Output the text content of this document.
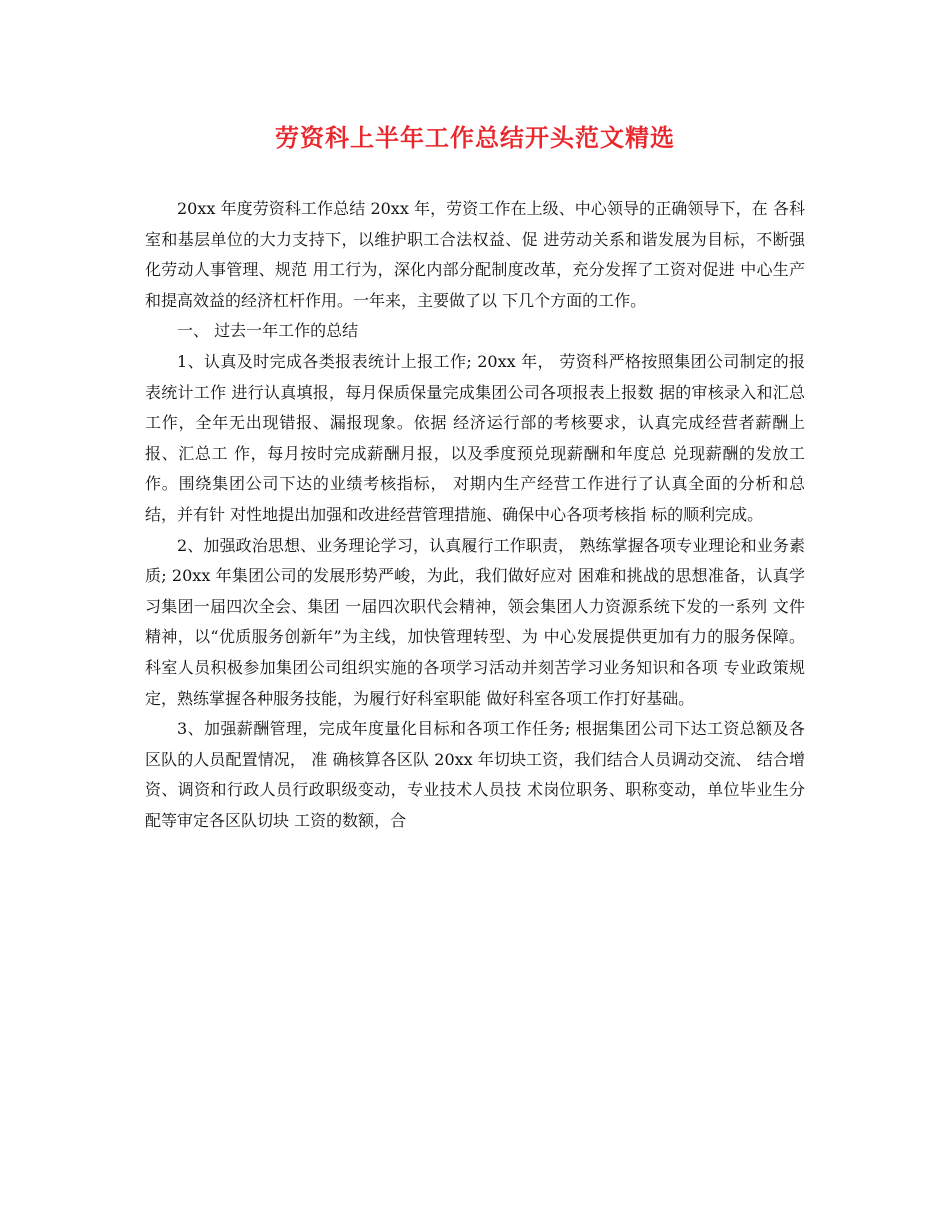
劳资科上半年工作总结开头范文精选

20xx 年度劳资科工作总结 20xx 年，劳资工作在上级、中心领导的正确领导下，在 各科室和基层单位的大力支持下，以维护职工合法权益、促 进劳动关系和谐发展为目标，不断强化劳动人事管理、规范 用工行为，深化内部分配制度改革，充分发挥了工资对促进 中心生产和提高效益的经济杠杆作用。一年来，主要做了以 下几个方面的工作。

一、 过去一年工作的总结

1、认真及时完成各类报表统计上报工作; 20xx 年， 劳资科严格按照集团公司制定的报表统计工作 进行认真填报，每月保质保量完成集团公司各项报表上报数 据的审核录入和汇总工作，全年无出现错报、漏报现象。依据 经济运行部的考核要求，认真完成经营者薪酬上报、汇总工 作，每月按时完成薪酬月报，以及季度预兑现薪酬和年度总 兑现薪酬的发放工作。围绕集团公司下达的业绩考核指标， 对期内生产经营工作进行了认真全面的分析和总结，并有针 对性地提出加强和改进经营管理措施、确保中心各项考核指 标的顺利完成。

2、加强政治思想、业务理论学习，认真履行工作职责， 熟练掌握各项专业理论和业务素质; 20xx 年集团公司的发展形势严峻，为此，我们做好应对 困难和挑战的思想准备，认真学习集团一届四次全会、集团 一届四次职代会精神，领会集团人力资源系统下发的一系列 文件精神，以“优质服务创新年”为主线，加快管理转型、为 中心发展提供更加有力的服务保障。科室人员积极参加集团公司组织实施的各项学习活动并刻苦学习业务知识和各项 专业政策规定，熟练掌握各种服务技能，为履行好科室职能 做好科室各项工作打好基础。

3、加强薪酬管理，完成年度量化目标和各项工作任务; 根据集团公司下达工资总额及各区队的人员配置情况， 准 确核算各区队 20xx 年切块工资，我们结合人员调动交流、 结合增资、调资和行政人员行政职级变动，专业技术人员技 术岗位职务、职称变动，单位毕业生分配等审定各区队切块 工资的数额，合
